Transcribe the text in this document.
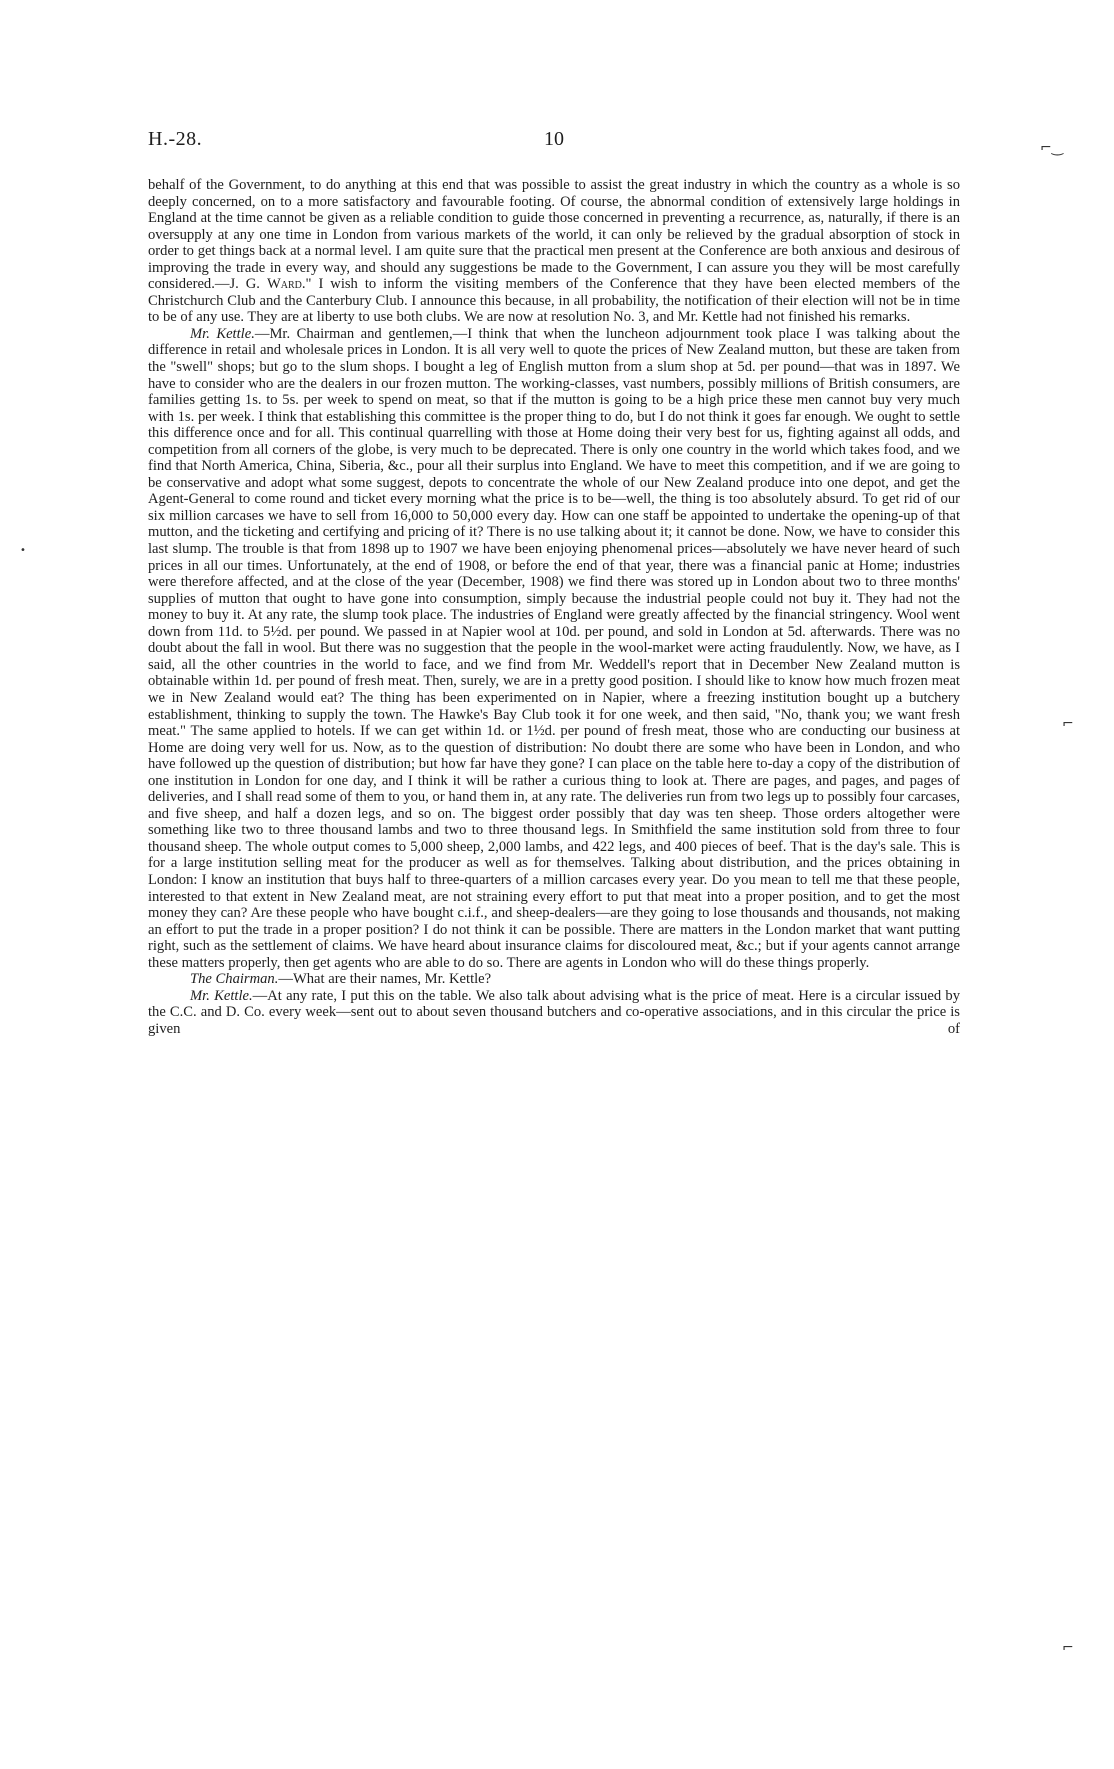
H.-28.	10

behalf of the Government, to do anything at this end that was possible to assist the great industry in which the country as a whole is so deeply concerned, on to a more satisfactory and favourable footing. Of course, the abnormal condition of extensively large holdings in England at the time cannot be given as a reliable condition to guide those concerned in preventing a recurrence, as, naturally, if there is an oversupply at any one time in London from various markets of the world, it can only be relieved by the gradual absorption of stock in order to get things back at a normal level. I am quite sure that the practical men present at the Conference are both anxious and desirous of improving the trade in every way, and should any suggestions be made to the Government, I can assure you they will be most carefully considered.—J. G. Ward." I wish to inform the visiting members of the Conference that they have been elected members of the Christchurch Club and the Canterbury Club. I announce this because, in all probability, the notification of their election will not be in time to be of any use. They are at liberty to use both clubs. We are now at resolution No. 3, and Mr. Kettle had not finished his remarks.

Mr. Kettle.—Mr. Chairman and gentlemen,—I think that when the luncheon adjournment took place I was talking about the difference in retail and wholesale prices in London. It is all very well to quote the prices of New Zealand mutton, but these are taken from the "swell" shops; but go to the slum shops. I bought a leg of English mutton from a slum shop at 5d. per pound—that was in 1897. We have to consider who are the dealers in our frozen mutton. The working-classes, vast numbers, possibly millions of British consumers, are families getting 1s. to 5s. per week to spend on meat, so that if the mutton is going to be a high price these men cannot buy very much with 1s. per week. I think that establishing this committee is the proper thing to do, but I do not think it goes far enough. We ought to settle this difference once and for all. This continual quarrelling with those at Home doing their very best for us, fighting against all odds, and competition from all corners of the globe, is very much to be deprecated. There is only one country in the world which takes food, and we find that North America, China, Siberia, &c., pour all their surplus into England. We have to meet this competition, and if we are going to be conservative and adopt what some suggest, depots to concentrate the whole of our New Zealand produce into one depot, and get the Agent-General to come round and ticket every morning what the price is to be—well, the thing is too absolutely absurd. To get rid of our six million carcases we have to sell from 16,000 to 50,000 every day. How can one staff be appointed to undertake the opening-up of that mutton, and the ticketing and certifying and pricing of it? There is no use talking about it; it cannot be done. Now, we have to consider this last slump. The trouble is that from 1898 up to 1907 we have been enjoying phenomenal prices—absolutely we have never heard of such prices in all our times. Unfortunately, at the end of 1908, or before the end of that year, there was a financial panic at Home; industries were therefore affected, and at the close of the year (December, 1908) we find there was stored up in London about two to three months' supplies of mutton that ought to have gone into consumption, simply because the industrial people could not buy it. They had not the money to buy it. At any rate, the slump took place. The industries of England were greatly affected by the financial stringency. Wool went down from 11d. to 5½d. per pound. We passed in at Napier wool at 10d. per pound, and sold in London at 5d. afterwards. There was no doubt about the fall in wool. But there was no suggestion that the people in the wool-market were acting fraudulently. Now, we have, as I said, all the other countries in the world to face, and we find from Mr. Weddell's report that in December New Zealand mutton is obtainable within 1d. per pound of fresh meat. Then, surely, we are in a pretty good position. I should like to know how much frozen meat we in New Zealand would eat? The thing has been experimented on in Napier, where a freezing institution bought up a butchery establishment, thinking to supply the town. The Hawke's Bay Club took it for one week, and then said, "No, thank you; we want fresh meat." The same applied to hotels. If we can get within 1d. or 1½d. per pound of fresh meat, those who are conducting our business at Home are doing very well for us. Now, as to the question of distribution: No doubt there are some who have been in London, and who have followed up the question of distribution; but how far have they gone? I can place on the table here to-day a copy of the distribution of one institution in London for one day, and I think it will be rather a curious thing to look at. There are pages, and pages, and pages of deliveries, and I shall read some of them to you, or hand them in, at any rate. The deliveries run from two legs up to possibly four carcases, and five sheep, and half a dozen legs, and so on. The biggest order possibly that day was ten sheep. Those orders altogether were something like two to three thousand lambs and two to three thousand legs. In Smithfield the same institution sold from three to four thousand sheep. The whole output comes to 5,000 sheep, 2,000 lambs, and 422 legs, and 400 pieces of beef. That is the day's sale. This is for a large institution selling meat for the producer as well as for themselves. Talking about distribution, and the prices obtaining in London: I know an institution that buys half to three-quarters of a million carcases every year. Do you mean to tell me that these people, interested to that extent in New Zealand meat, are not straining every effort to put that meat into a proper position, and to get the most money they can? Are these people who have bought c.i.f., and sheep-dealers—are they going to lose thousands and thousands, not making an effort to put the trade in a proper position? I do not think it can be possible. There are matters in the London market that want putting right, such as the settlement of claims. We have heard about insurance claims for discoloured meat, &c.; but if your agents cannot arrange these matters properly, then get agents who are able to do so. There are agents in London who will do these things properly.

The Chairman.—What are their names, Mr. Kettle?

Mr. Kettle.—At any rate, I put this on the table. We also talk about advising what is the price of meat. Here is a circular issued by the C.C. and D. Co. every week—sent out to about seven thousand butchers and co-operative associations, and in this circular the price is given of

⌐‿
⌐
⌐
•
